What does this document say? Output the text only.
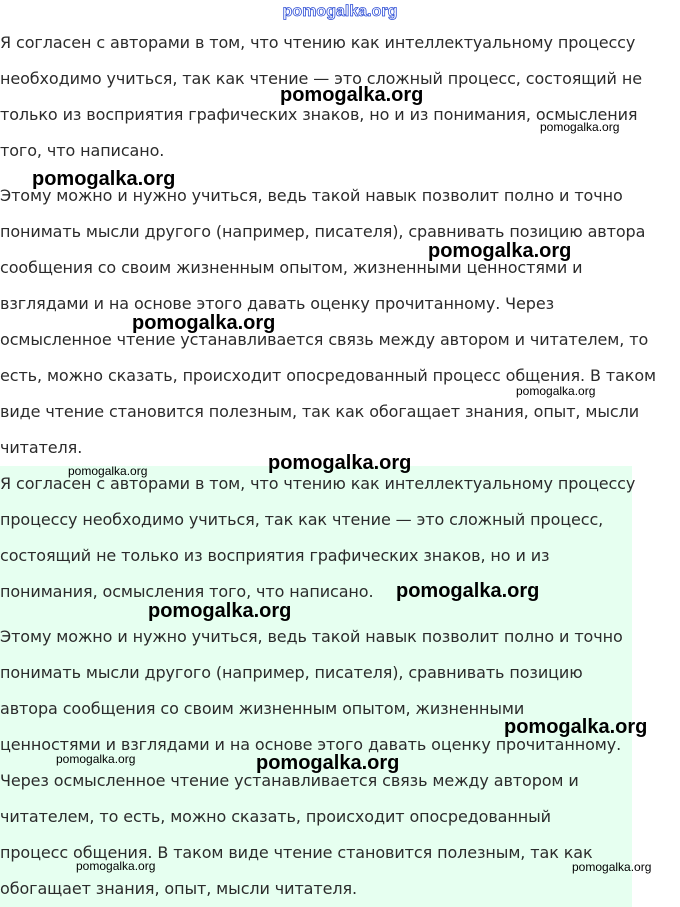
pomogalka.org
Я согласен с авторами в том, что чтению как интеллектуальному процессу
необходимо учиться, так как чтение — это сложный процесс, состоящий не
только из восприятия графических знаков, но и из понимания, осмысления
того, что написано.
Этому можно и нужно учиться, ведь такой навык позволит полно и точно
понимать мысли другого (например, писателя), сравнивать позицию автора
сообщения со своим жизненным опытом, жизненными ценностями и
взглядами и на основе этого давать оценку прочитанному. Через
осмысленное чтение устанавливается связь между автором и читателем, то
есть, можно сказать, происходит опосредованный процесс общения. В таком
виде чтение становится полезным, так как обогащает знания, опыт, мысли
читателя.
Я согласен с авторами в том, что чтению как интеллектуальному процессу
процессу необходимо учиться, так как чтение — это сложный процесс,
состоящий не только из восприятия графических знаков, но и из
понимания, осмысления того, что написано.
Этому можно и нужно учиться, ведь такой навык позволит полно и точно
понимать мысли другого (например, писателя), сравнивать позицию
автора сообщения со своим жизненным опытом, жизненными
ценностями и взглядами и на основе этого давать оценку прочитанному.
Через осмысленное чтение устанавливается связь между автором и
читателем, то есть, можно сказать, происходит опосредованный
процесс общения. В таком виде чтение становится полезным, так как
обогащает знания, опыт, мысли читателя.
pomogalka.org
pomogalka.org
pomogalka.org
pomogalka.org
pomogalka.org
pomogalka.org
pomogalka.org
pomogalka.org
pomogalka.org
pomogalka.org
pomogalka.org
pomogalka.org	pomogalka.org
pomogalka.org	pomogalka.org
